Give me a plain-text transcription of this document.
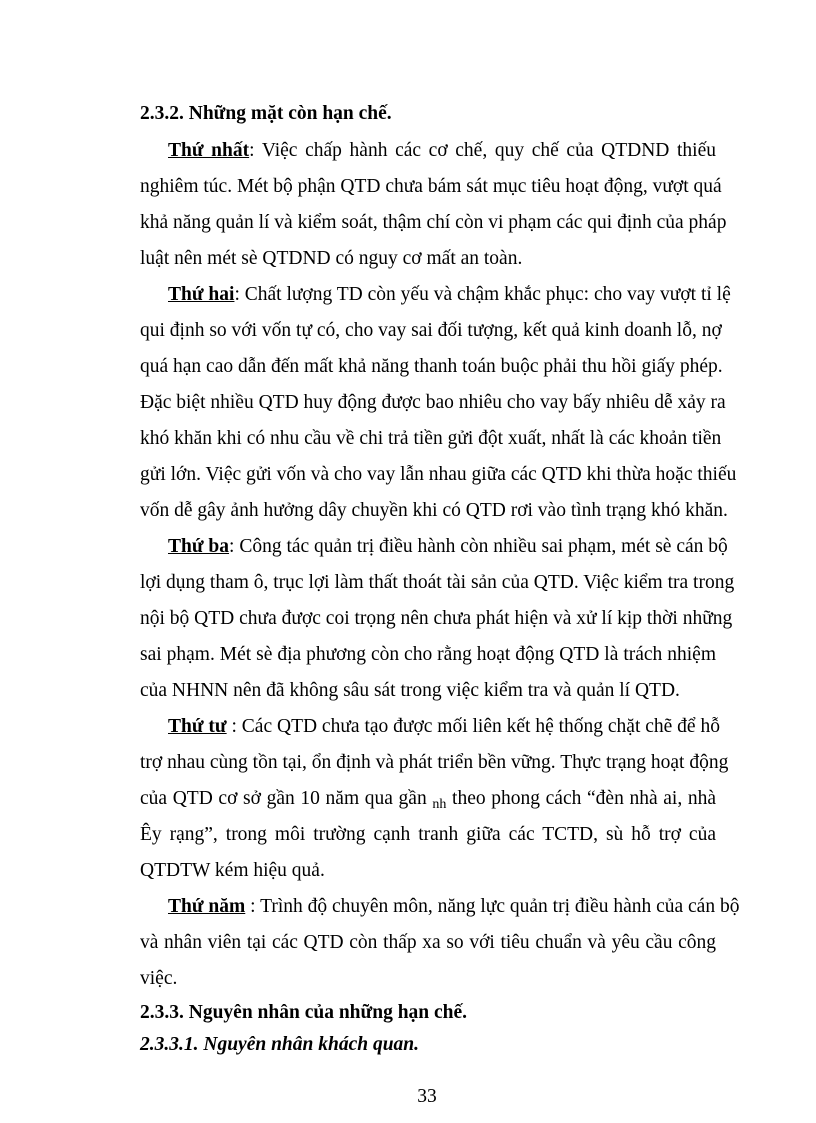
2.3.2. Những mặt còn hạn chế.
Thứ nhất: Việc chấp hành các cơ chế, quy chế của QTDND thiếu
nghiêm túc. Mét bộ phận QTD chưa bám sát mục tiêu hoạt động, vượt quá
khả năng quản lí và kiểm soát, thậm chí còn vi phạm các qui định của pháp
luật nên mét sè QTDND có nguy cơ mất an toàn.
Thứ hai: Chất lượng TD còn yếu và chậm khắc phục: cho vay vượt tỉ lệ
qui định so với vốn tự có, cho vay sai đối tượng, kết quả kinh doanh lỗ, nợ
quá hạn cao dẫn đến mất khả năng thanh toán buộc phải thu hồi giấy phép.
Đặc biệt nhiều QTD huy động được bao nhiêu cho vay bấy nhiêu dễ xảy ra
khó khăn khi có nhu cầu về chi trả tiền gửi đột xuất, nhất là các khoản tiền
gửi lớn. Việc gửi vốn và cho vay lẫn nhau giữa các QTD khi thừa hoặc thiếu
vốn dễ gây ảnh hưởng dây chuyền khi có QTD rơi vào tình trạng khó khăn.
Thứ ba: Công tác quản trị điều hành còn nhiều sai phạm, mét sè cán bộ
lợi dụng tham ô, trục lợi làm thất thoát tài sản của QTD. Việc kiểm tra trong
nội bộ QTD chưa được coi trọng nên chưa phát hiện và xử lí kịp thời những
sai phạm. Mét sè địa phương còn cho rằng hoạt động QTD là trách nhiệm
của NHNN nên đã không sâu sát trong việc kiểm tra và quản lí QTD.
Thứ tư : Các QTD chưa tạo được mối liên kết hệ thống chặt chẽ để hỗ
trợ nhau cùng tồn tại, ổn định và phát triển bền vững. Thực trạng hoạt động
của QTD cơ sở gần 10 năm qua gần $_{nh}$ theo phong cách “đèn nhà ai, nhà
Êy rạng”, trong môi trường cạnh tranh giữa các TCTD, sù hỗ trợ của
QTDTW kém hiệu quả.
Thứ năm : Trình độ chuyên môn, năng lực quản trị điều hành của cán bộ
và nhân viên tại các QTD còn thấp xa so với tiêu chuẩn và yêu cầu công
việc.
2.3.3. Nguyên nhân của những hạn chế.
2.3.3.1. Nguyên nhân khách quan.
33
